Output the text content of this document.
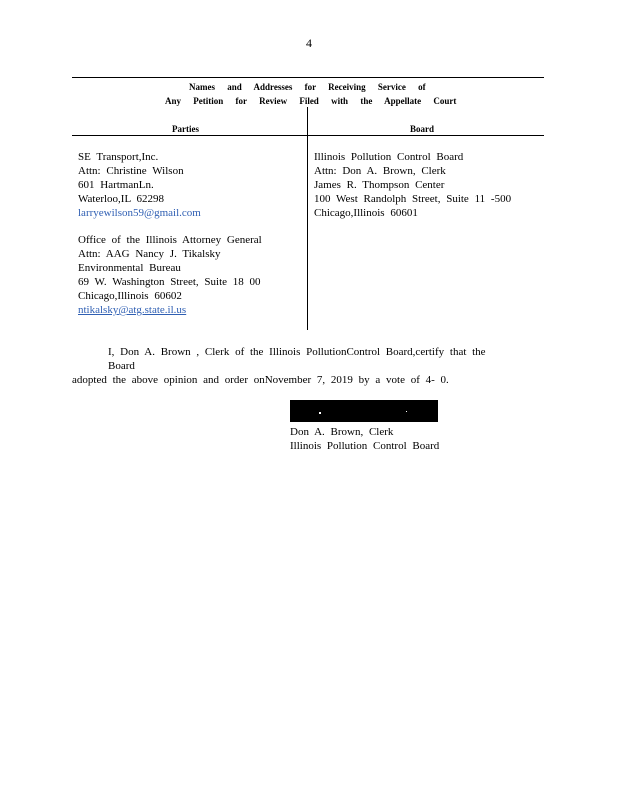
4
Names and Addresses for Receiving Service of
Any Petition for Review Filed with the Appellate Court
Parties	Board
SE Transport,Inc.
Attn: Christine Wilson
601 HartmanLn.
Waterloo,IL 62298
larryewilson59@gmail.com
Office of the Illinois Attorney General
Attn: AAG Nancy J. Tikalsky
Environmental Bureau
69 W. Washington Street, Suite 18 00
Chicago,Illinois 60602
ntikalsky@atg.state.il.us
Illinois Pollution Control Board
Attn: Don A. Brown, Clerk
James R. Thompson Center
100 West Randolph Street, Suite 11 -500
Chicago,Illinois 60601
I, Don A. Brown , Clerk of the Illinois PollutionControl Board,certify that the Board
adopted the above opinion and order onNovember 7, 2019 by a vote of 4- 0.
Don A. Brown, Clerk
Illinois Pollution Control Board
